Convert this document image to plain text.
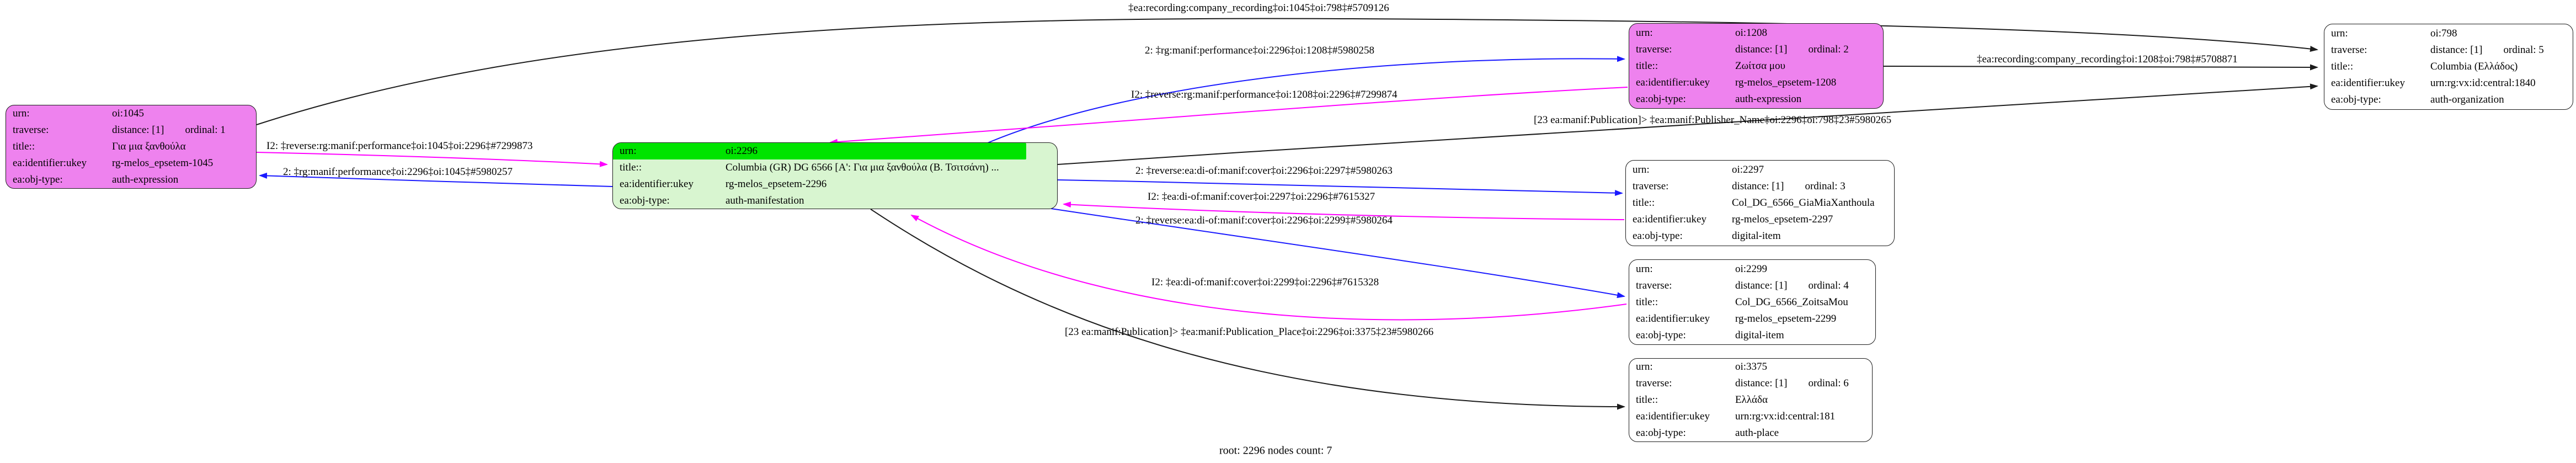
‡ea:recording:company_recording‡oi:1045‡oi:798‡#5709126
2: ‡rg:manif:performance‡oi:2296‡oi:1208‡#5980258
I2: ‡reverse:rg:manif:performance‡oi:1208‡oi:2296‡#7299874
‡ea:recording:company_recording‡oi:1208‡oi:798‡#5708871
[23 ea:manif:Publication]> ‡ea:manif:Publisher_Name‡oi:2296‡oi:798‡23#5980265
I2: ‡reverse:rg:manif:performance‡oi:1045‡oi:2296‡#7299873
2: ‡rg:manif:performance‡oi:2296‡oi:1045‡#5980257	2: ‡reverse:ea:di-of:manif:cover‡oi:2296‡oi:2297‡#5980263
I2: ‡ea:di-of:manif:cover‡oi:2297‡oi:2296‡#7615327
2: ‡reverse:ea:di-of:manif:cover‡oi:2296‡oi:2299‡#5980264
I2: ‡ea:di-of:manif:cover‡oi:2299‡oi:2296‡#7615328
[23 ea:manif:Publication]> ‡ea:manif:Publication_Place‡oi:2296‡oi:3375‡23#5980266
urn:	oi:1045
traverse:	distance: [1] ordinal: 1
title::	Για μια ξανθούλα
ea:identifier:ukey	rg-melos_epsetem-1045
ea:obj-type:	auth-expression
urn:	oi:2296
title::	Columbia (GR) DG 6566 [Α': Για μια ξανθούλα (Β. Τσιτσάνη) ...
ea:identifier:ukey	rg-melos_epsetem-2296
ea:obj-type:	auth-manifestation
urn:	oi:1208
traverse:	distance: [1] ordinal: 2
title::	Ζωίτσα μου
ea:identifier:ukey	rg-melos_epsetem-1208
ea:obj-type:	auth-expression
urn:	oi:798
traverse:	distance: [1] ordinal: 5
title::	Columbia (Ελλάδος)
ea:identifier:ukey	urn:rg:vx:id:central:1840
ea:obj-type:	auth-organization
urn:	oi:2297
traverse:	distance: [1] ordinal: 3
title::	Col_DG_6566_GiaMiaXanthoula
ea:identifier:ukey	rg-melos_epsetem-2297
ea:obj-type:	digital-item
urn:	oi:2299
traverse:	distance: [1] ordinal: 4
title::	Col_DG_6566_ZoitsaMou
ea:identifier:ukey	rg-melos_epsetem-2299
ea:obj-type:	digital-item
urn:	oi:3375
traverse:	distance: [1] ordinal: 6
title::	Ελλάδα
ea:identifier:ukey	urn:rg:vx:id:central:181
ea:obj-type:	auth-place
root: 2296 nodes count: 7
